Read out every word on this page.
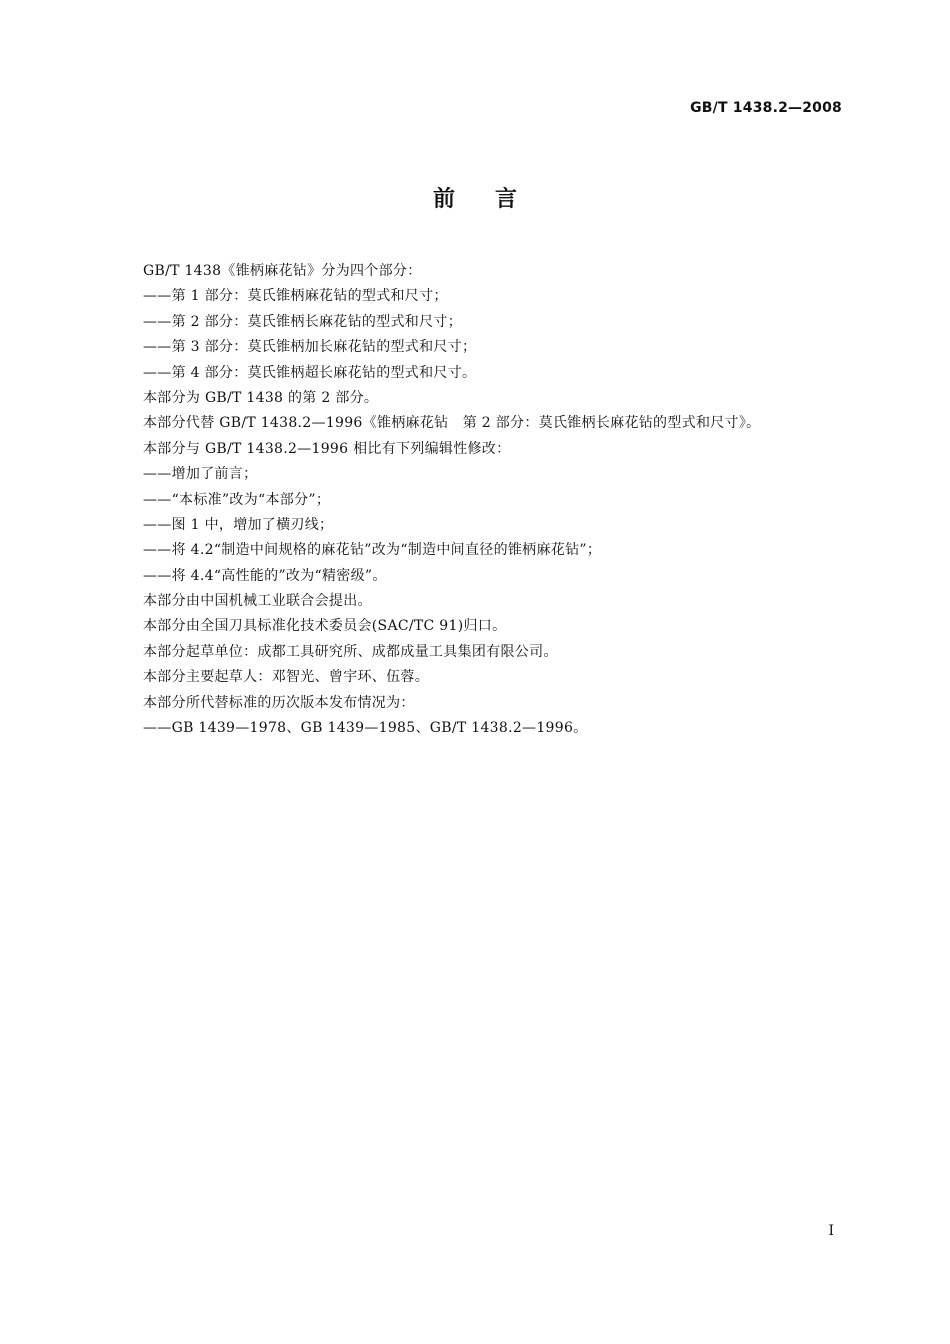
GB/T 1438.2—2008
前言
GB/T 1438《锥柄麻花钻》分为四个部分：
——第 1 部分：莫氏锥柄麻花钻的型式和尺寸；
——第 2 部分：莫氏锥柄长麻花钻的型式和尺寸；
——第 3 部分：莫氏锥柄加长麻花钻的型式和尺寸；
——第 4 部分：莫氏锥柄超长麻花钻的型式和尺寸。
本部分为 GB/T 1438 的第 2 部分。
本部分代替 GB/T 1438.2—1996《锥柄麻花钻　第 2 部分：莫氏锥柄长麻花钻的型式和尺寸》。
本部分与 GB/T 1438.2—1996 相比有下列编辑性修改：
——增加了前言；
——“本标准”改为“本部分”；
——图 1 中，增加了横刃线；
——将 4.2“制造中间规格的麻花钻”改为“制造中间直径的锥柄麻花钻”；
——将 4.4“高性能的”改为“精密级”。
本部分由中国机械工业联合会提出。
本部分由全国刀具标准化技术委员会(SAC/TC 91)归口。
本部分起草单位：成都工具研究所、成都成量工具集团有限公司。
本部分主要起草人：邓智光、曾宇环、伍蓉。
本部分所代替标准的历次版本发布情况为：
——GB 1439—1978、GB 1439—1985、GB/T 1438.2—1996。
I
